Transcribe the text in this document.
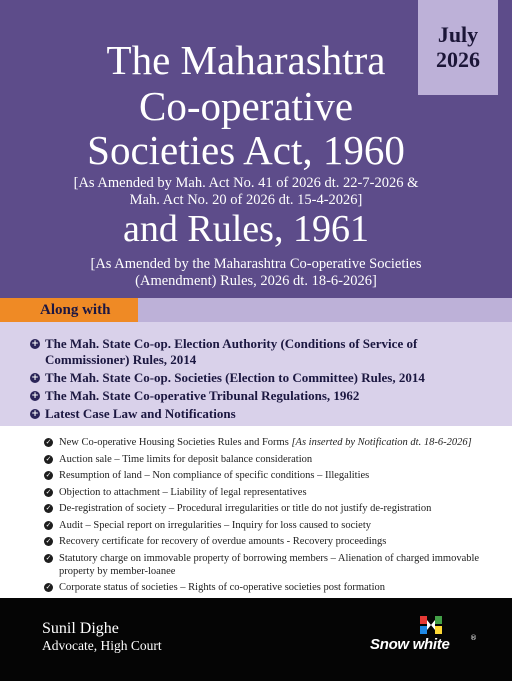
July
2026
The Maharashtra
Co-operative
Societies Act, 1960
[As Amended by Mah. Act No. 41 of 2026 dt. 22-7-2026 &
Mah. Act No. 20 of 2026 dt. 15-4-2026]
and Rules, 1961
[As Amended by the Maharashtra Co-operative Societies
(Amendment) Rules, 2026 dt. 18-6-2026]
Along with
+ The Mah. State Co-op. Election Authority (Conditions of Service of Commissioner) Rules, 2014
+ The Mah. State Co-op. Societies (Election to Committee) Rules, 2014
+ The Mah. State Co-operative Tribunal Regulations, 1962
+ Latest Case Law and Notifications
✓ New Co-operative Housing Societies Rules and Forms [As inserted by Notification dt. 18-6-2026]
✓ Auction sale – Time limits for deposit balance consideration
✓ Resumption of land – Non compliance of specific conditions – Illegalities
✓ Objection to attachment – Liability of legal representatives
✓ De-registration of society – Procedural irregularities or title do not justify de-registration
✓ Audit – Special report on irregularities – Inquiry for loss caused to society
✓ Recovery certificate for recovery of overdue amounts - Recovery proceedings
✓ Statutory charge on immovable property of borrowing members – Alienation of charged immovable property by member-loanee
✓ Corporate status of societies – Rights of co-operative societies post formation
Sunil Dighe
Advocate, High Court	Snow white	®
